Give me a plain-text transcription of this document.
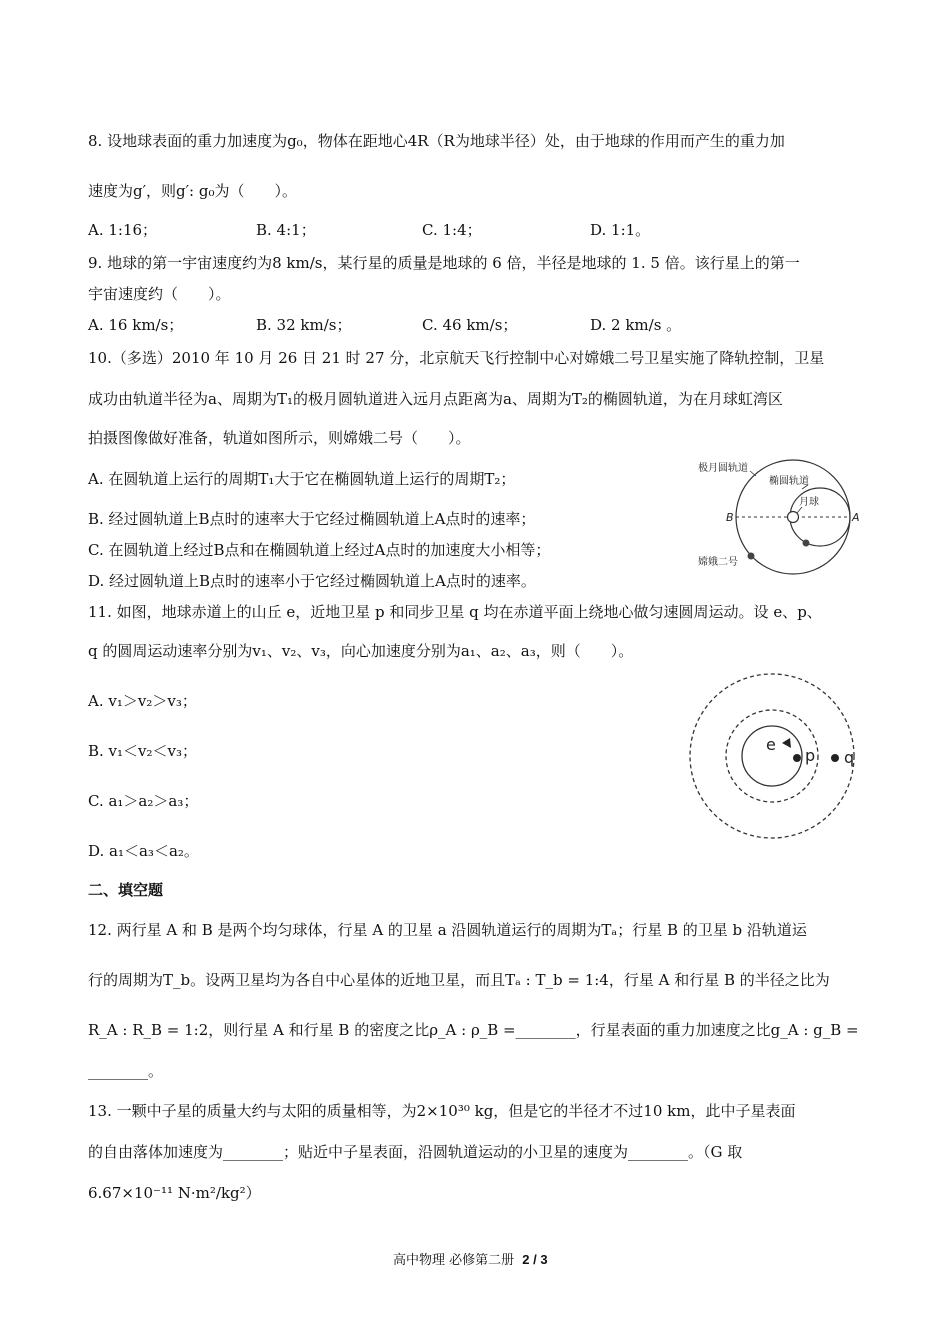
8. 设地球表面的重力加速度为g₀，物体在距地心4R（R为地球半径）处，由于地球的作用而产生的重力加
速度为g′，则g′: g₀为（　　）。
A. 1:16；	B. 4:1；	C. 1:4；	D. 1:1。
9. 地球的第一宇宙速度约为8 km/s，某行星的质量是地球的 6 倍，半径是地球的 1. 5 倍。该行星上的第一
宇宙速度约（　　）。
A. 16 km/s；	B. 32 km/s；	C. 46 km/s；	D. 2 km/s 。
10.（多选）2010 年 10 月 26 日 21 时 27 分，北京航天飞行控制中心对嫦娥二号卫星实施了降轨控制，卫星
成功由轨道半径为a、周期为T₁的极月圆轨道进入远月点距离为a、周期为T₂的椭圆轨道，为在月球虹湾区
拍摄图像做好准备，轨道如图所示，则嫦娥二号（　　）。
A. 在圆轨道上运行的周期T₁大于它在椭圆轨道上运行的周期T₂；
B. 经过圆轨道上B点时的速率大于它经过椭圆轨道上A点时的速率；
C. 在圆轨道上经过B点和在椭圆轨道上经过A点时的加速度大小相等；
D. 经过圆轨道上B点时的速率小于它经过椭圆轨道上A点时的速率。
极月圆轨道
椭圆轨道
月球
B	A
嫦娥二号
11. 如图，地球赤道上的山丘 e，近地卫星 p 和同步卫星 q 均在赤道平面上绕地心做匀速圆周运动。设 e、p、
q 的圆周运动速率分别为v₁、v₂、v₃，向心加速度分别为a₁、a₂、a₃，则（　　）。
A. v₁＞v₂＞v₃；
B. v₁＜v₂＜v₃；
C. a₁＞a₂＞a₃；
D. a₁＜a₃＜a₂。
e
p q
二、填空题
12. 两行星 A 和 B 是两个均匀球体，行星 A 的卫星 a 沿圆轨道运行的周期为Tₐ；行星 B 的卫星 b 沿轨道运
行的周期为T_b。设两卫星均为各自中心星体的近地卫星，而且Tₐ : T_b = 1:4，行星 A 和行星 B 的半径之比为
R_A : R_B = 1:2，则行星 A 和行星 B 的密度之比ρ_A : ρ_B =________，行星表面的重力加速度之比g_A : g_B =
________。
13. 一颗中子星的质量大约与太阳的质量相等，为2×10³⁰ kg，但是它的半径才不过10 km，此中子星表面
的自由落体加速度为________；贴近中子星表面，沿圆轨道运动的小卫星的速度为________。（G 取
6.67×10⁻¹¹ N·m²/kg²）
高中物理 必修第二册 2 / 3
